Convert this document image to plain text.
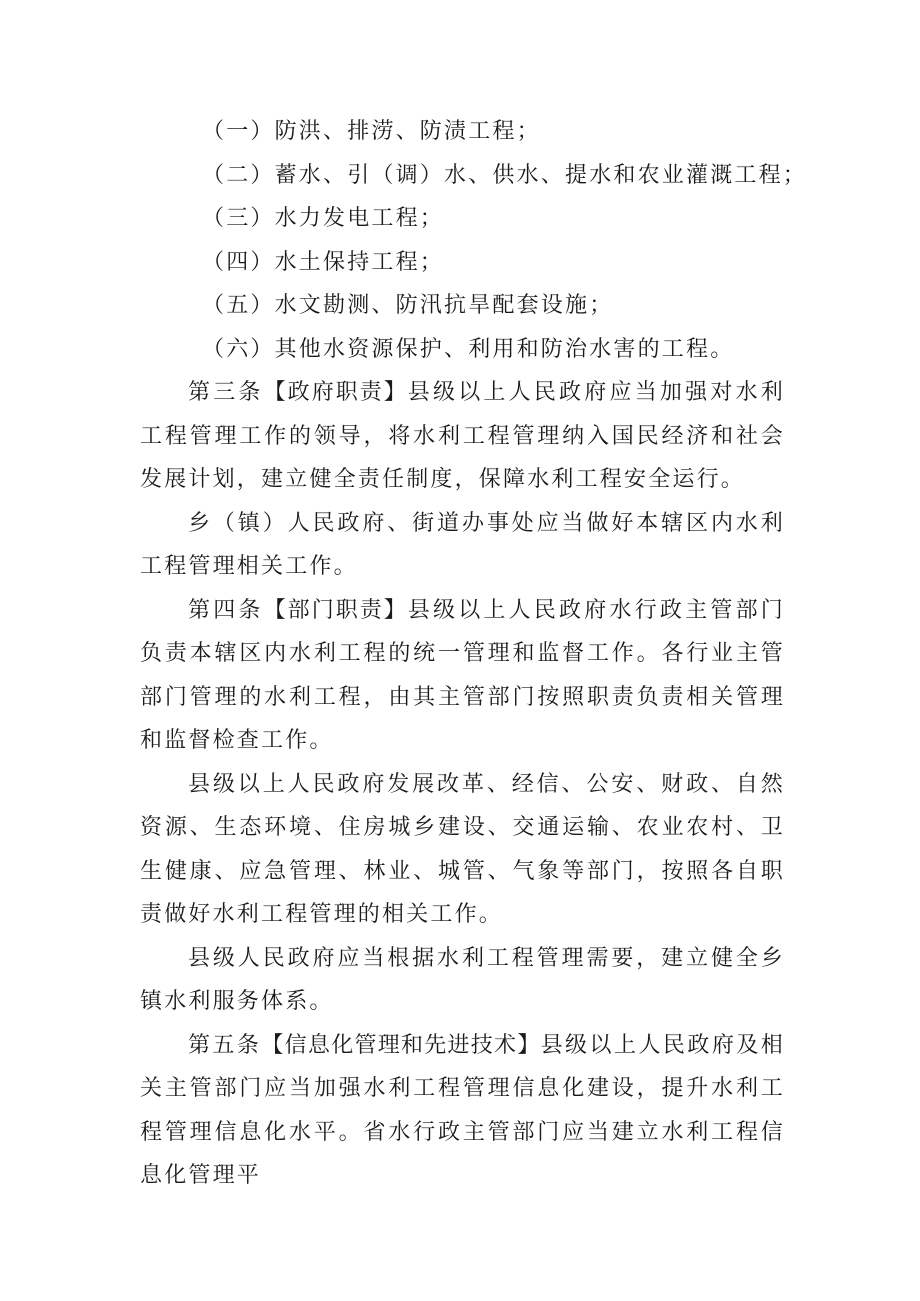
（一）防洪、排涝、防渍工程；

（二）蓄水、引（调）水、供水、提水和农业灌溉工程；

（三）水力发电工程；

（四）水土保持工程；

（五）水文勘测、防汛抗旱配套设施；

（六）其他水资源保护、利用和防治水害的工程。

第三条【政府职责】县级以上人民政府应当加强对水利工程管理工作的领导，将水利工程管理纳入国民经济和社会发展计划，建立健全责任制度，保障水利工程安全运行。

乡（镇）人民政府、街道办事处应当做好本辖区内水利工程管理相关工作。

第四条【部门职责】县级以上人民政府水行政主管部门负责本辖区内水利工程的统一管理和监督工作。各行业主管部门管理的水利工程，由其主管部门按照职责负责相关管理和监督检查工作。

县级以上人民政府发展改革、经信、公安、财政、自然资源、生态环境、住房城乡建设、交通运输、农业农村、卫生健康、应急管理、林业、城管、气象等部门，按照各自职责做好水利工程管理的相关工作。

县级人民政府应当根据水利工程管理需要，建立健全乡镇水利服务体系。

第五条【信息化管理和先进技术】县级以上人民政府及相关主管部门应当加强水利工程管理信息化建设，提升水利工程管理信息化水平。省水行政主管部门应当建立水利工程信息化管理平
